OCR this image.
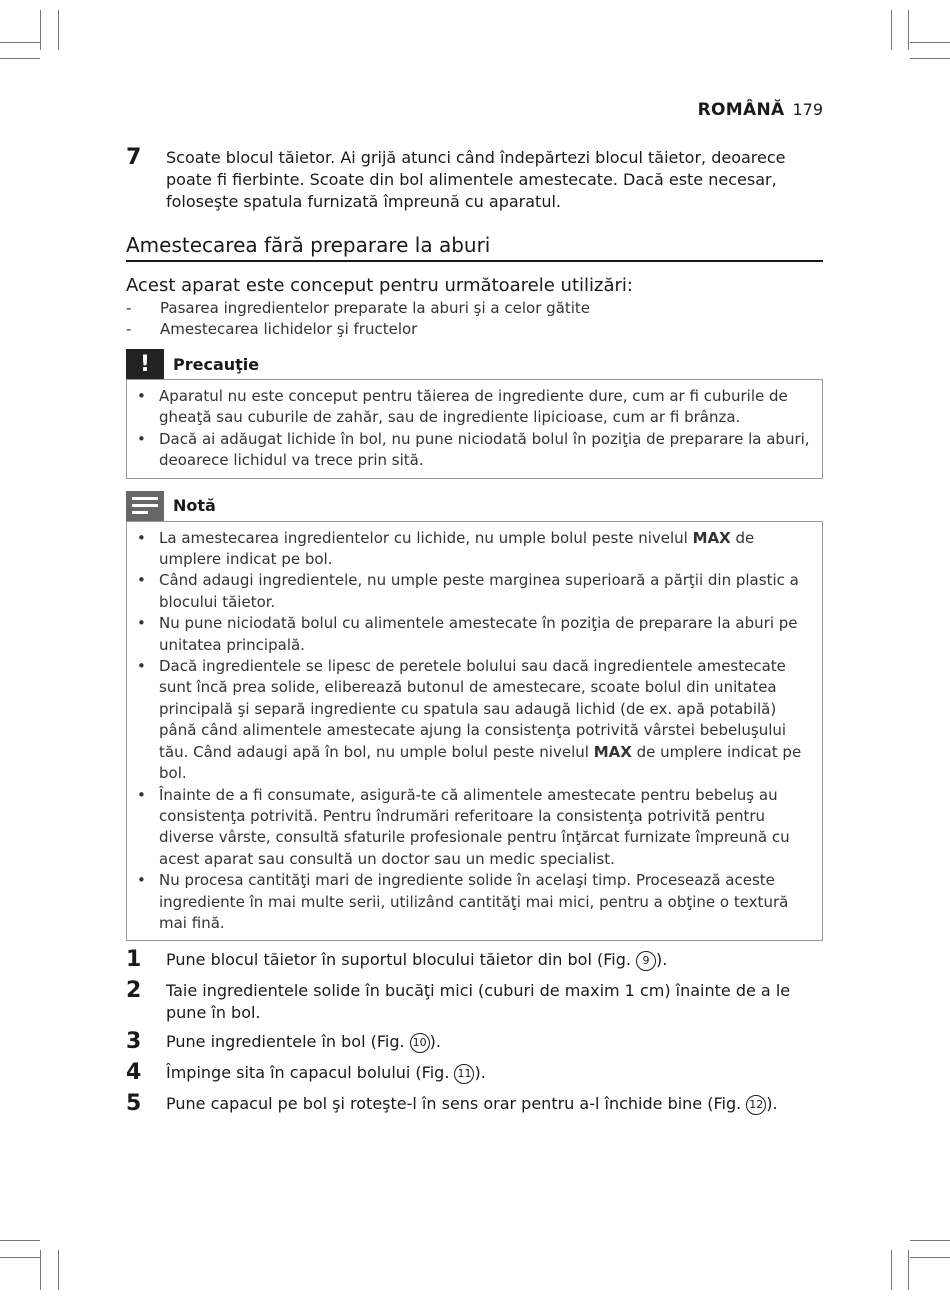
ROMÂNĂ 179
7	Scoate blocul tăietor. Ai grijă atunci când îndepărtezi blocul tăietor, deoarece poate fi fierbinte. Scoate din bol alimentele amestecate. Dacă este necesar, foloseşte spatula furnizată împreună cu aparatul.
Amestecarea fără preparare la aburi
Acest aparat este conceput pentru următoarele utilizări:
-	Pasarea ingredientelor preparate la aburi şi a celor gătite
-	Amestecarea lichidelor şi fructelor
!	Precauţie
• Aparatul nu este conceput pentru tăierea de ingrediente dure, cum ar fi cuburile de gheaţă sau cuburile de zahăr, sau de ingrediente lipicioase, cum ar fi brânza.
• Dacă ai adăugat lichide în bol, nu pune niciodată bolul în poziţia de preparare la aburi, deoarece lichidul va trece prin sită.
Notă
• La amestecarea ingredientelor cu lichide, nu umple bolul peste nivelul MAX de umplere indicat pe bol.
• Când adaugi ingredientele, nu umple peste marginea superioară a părţii din plastic a blocului tăietor.
• Nu pune niciodată bolul cu alimentele amestecate în poziţia de preparare la aburi pe unitatea principală.
• Dacă ingredientele se lipesc de peretele bolului sau dacă ingredientele amestecate sunt încă prea solide, eliberează butonul de amestecare, scoate bolul din unitatea principală şi separă ingrediente cu spatula sau adaugă lichid (de ex. apă potabilă) până când alimentele amestecate ajung la consistenţa potrivită vârstei bebeluşului tău. Când adaugi apă în bol, nu umple bolul peste nivelul MAX de umplere indicat pe bol.
• Înainte de a fi consumate, asigură-te că alimentele amestecate pentru bebeluş au consistenţa potrivită. Pentru îndrumări referitoare la consistenţa potrivită pentru diverse vârste, consultă sfaturile profesionale pentru înţărcat furnizate împreună cu acest aparat sau consultă un doctor sau un medic specialist.
• Nu procesa cantităţi mari de ingrediente solide în acelaşi timp. Procesează aceste ingrediente în mai multe serii, utilizând cantităţi mai mici, pentru a obţine o textură mai fină.
1	Pune blocul tăietor în suportul blocului tăietor din bol (Fig. 9 ).
2	Taie ingredientele solide în bucăţi mici (cuburi de maxim 1 cm) înainte de a le pune în bol.
3	Pune ingredientele în bol (Fig. 10 ).
4	Împinge sita în capacul bolului (Fig. 11 ).
5	Pune capacul pe bol şi roteşte-l în sens orar pentru a-l închide bine (Fig. 12 ).
